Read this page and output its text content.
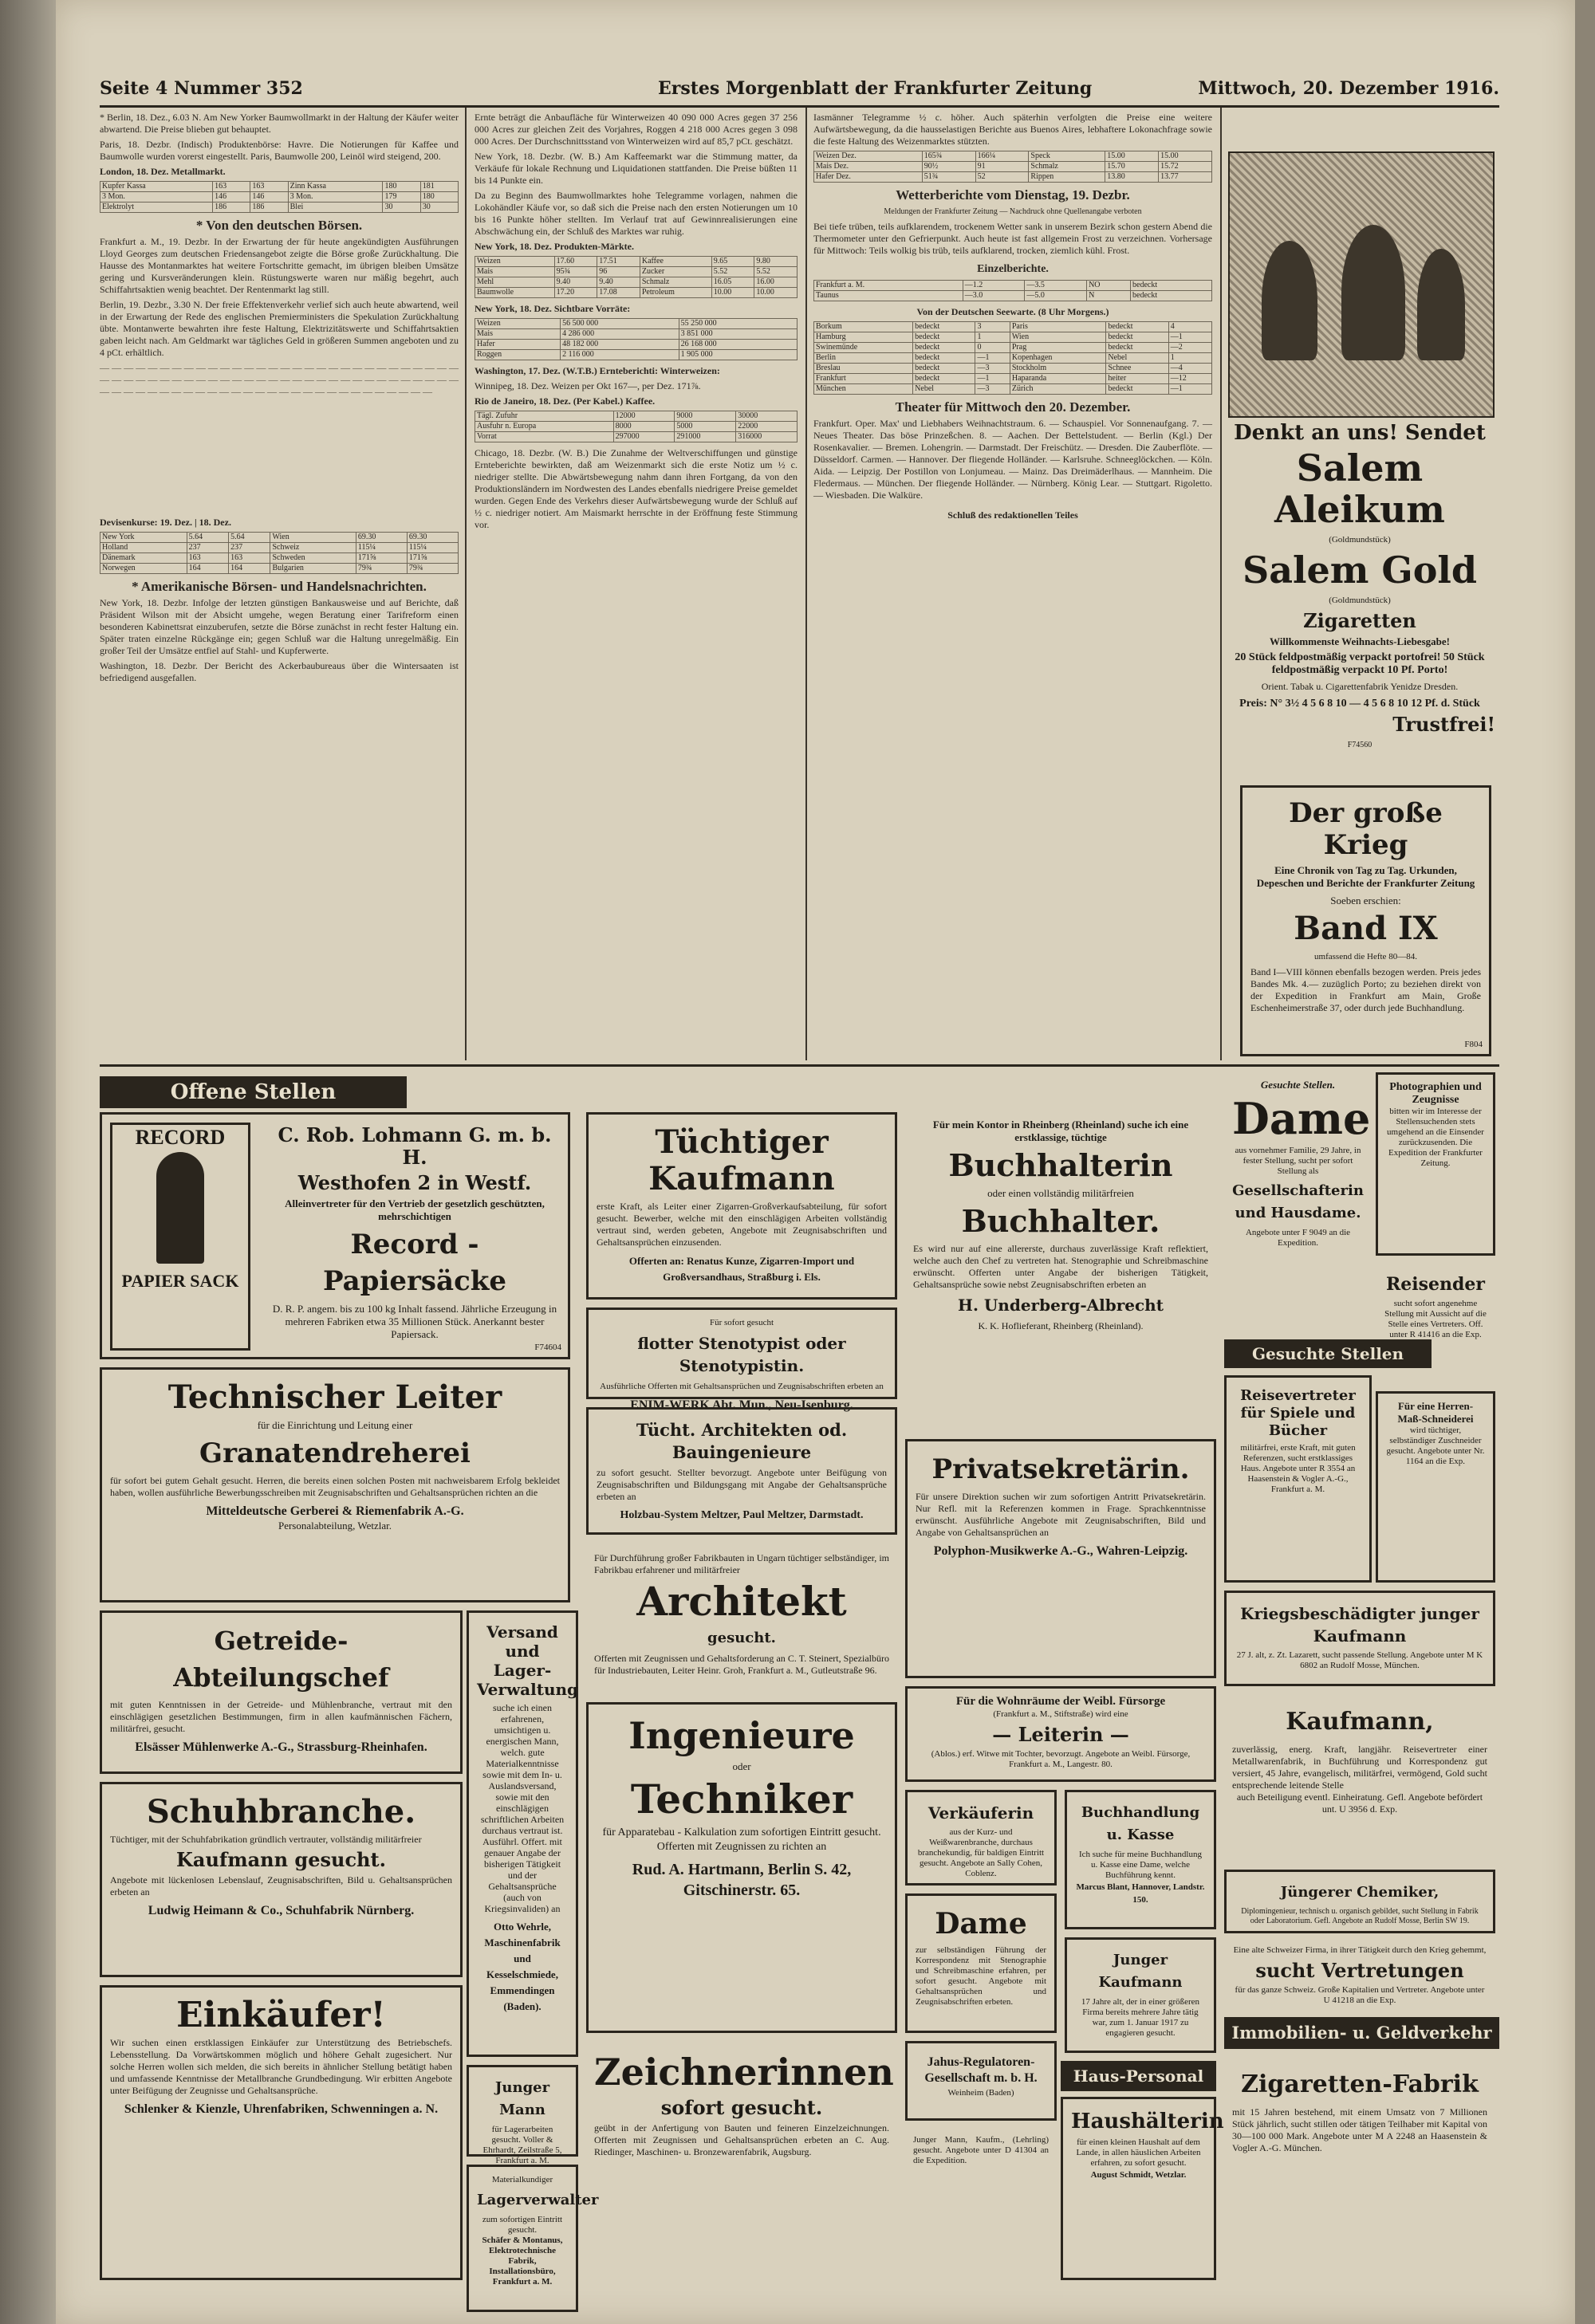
Seite 4 Nummer 352	Erstes Morgenblatt der Frankfurter Zeitung	Mittwoch, 20. Dezember 1916.

* Berlin, 18. Dez., 6.03 N. Am New Yorker Baumwollmarkt in der Haltung der Käufer weiter abwartend. Die Preise blieben gut behauptet.

Paris, 18. Dezbr. (Indisch) Produktenbörse: Havre. Die Notierungen für Kaffee und Baumwolle wurden vorerst eingestellt. Paris, Baumwolle 200, Leinöl wird steigend, 200.

London, 18. Dez. Metallmarkt.

Kupfer Kassa	163	163	Zinn Kassa	180	181
3 Mon.	146	146	3 Mon.	179	180
Elektrolyt	186	186	Blei	30	30
* Von den deutschen Börsen.

Frankfurt a. M., 19. Dezbr. In der Erwartung der für heute angekündigten Ausführungen Lloyd Georges zum deutschen Friedensangebot zeigte die Börse große Zurückhaltung. Die Hausse des Montanmarktes hat weitere Fortschritte gemacht, im übrigen bleiben Umsätze gering und Kursveränderungen klein. Rüstungswerte waren nur mäßig begehrt, auch Schiffahrtsaktien wenig beachtet. Der Rentenmarkt lag still.

Berlin, 19. Dezbr., 3.30 N. Der freie Effektenverkehr verlief sich auch heute abwartend, weil in der Erwartung der Rede des englischen Premierministers die Spekulation Zurückhaltung übte. Montanwerte bewahrten ihre feste Haltung, Elektrizitätswerte und Schiffahrtsaktien gaben leicht nach. Am Geldmarkt war tägliches Geld in größeren Summen angeboten und zu 4 pCt. erhältlich.

— — — — — — — — — — — — — — — — — — — — — — — — — — — — — — — — — — — — — — — — — — — — — — — — — — — — — — — — — — — — — — — — — — — — — — — — — — — — — — — — — — — — — — — —

Devisenkurse: 19. Dez. | 18. Dez.

New York	5.64	5.64	Wien	69.30	69.30
Holland	237	237	Schweiz	115¼	115¼
Dänemark	163	163	Schweden	171⅝	171⅝
Norwegen	164	164	Bulgarien	79¾	79¾
* Amerikanische Börsen- und Handelsnachrichten.

New York, 18. Dezbr. Infolge der letzten günstigen Bankausweise und auf Berichte, daß Präsident Wilson mit der Absicht umgehe, wegen Beratung einer Tarifreform einen besonderen Kabinettsrat einzuberufen, setzte die Börse zunächst in recht fester Haltung ein. Später traten einzelne Rückgänge ein; gegen Schluß war die Haltung unregelmäßig. Ein großer Teil der Umsätze entfiel auf Stahl- und Kupferwerte.

Washington, 18. Dezbr. Der Bericht des Ackerbaubureaus über die Wintersaaten ist befriedigend ausgefallen.

Ernte beträgt die Anbaufläche für Winterweizen 40 090 000 Acres gegen 37 256 000 Acres zur gleichen Zeit des Vorjahres, Roggen 4 218 000 Acres gegen 3 098 000 Acres. Der Durchschnittsstand von Winterweizen wird auf 85,7 pCt. geschätzt.

New York, 18. Dezbr. (W. B.) Am Kaffeemarkt war die Stimmung matter, da Verkäufe für lokale Rechnung und Liquidationen stattfanden. Die Preise büßten 11 bis 14 Punkte ein.

Da zu Beginn des Baumwollmarktes hohe Telegramme vorlagen, nahmen die Lokohändler Käufe vor, so daß sich die Preise nach den ersten Notierungen um 10 bis 16 Punkte höher stellten. Im Verlauf trat auf Gewinnrealisierungen eine Abschwächung ein, der Schluß des Marktes war ruhig.

New York, 18. Dez. Produkten-Märkte.

Weizen	17.60	17.51	Kaffee	9.65	9.80
Mais	95¾	96	Zucker	5.52	5.52
Mehl	9.40	9.40	Schmalz	16.05	16.00
Baumwolle	17.20	17.08	Petroleum	10.00	10.00

New York, 18. Dez. Sichtbare Vorräte:

Weizen	56 500 000	55 250 000
Mais	4 286 000	3 851 000
Hafer	48 182 000	26 168 000
Roggen	2 116 000	1 905 000

Washington, 17. Dez. (W.T.B.) Ernteberichti: Winterweizen:

Winnipeg, 18. Dez. Weizen per Okt 167—, per Dez. 171⅞.

Rio de Janeiro, 18. Dez. (Per Kabel.) Kaffee.

Tägl. Zufuhr	12000	9000	30000
Ausfuhr n. Europa	8000	5000	22000
Vorrat	297000	291000	316000

Chicago, 18. Dezbr. (W. B.) Die Zunahme der Weltverschiffungen und günstige Ernteberichte bewirkten, daß am Weizenmarkt sich die erste Notiz um ½ c. niedriger stellte. Die Abwärtsbewegung nahm dann ihren Fortgang, da von den Produktionsländern im Nordwesten des Landes ebenfalls niedrigere Preise gemeldet wurden. Gegen Ende des Verkehrs dieser Aufwärtsbewegung wurde der Schluß auf ½ c. niedriger notiert. Am Maismarkt herrschte in der Eröffnung feste Stimmung vor.

Iasmänner Telegramme ½ c. höher. Auch späterhin verfolgten die Preise eine weitere Aufwärtsbewegung, da die hausselastigen Berichte aus Buenos Aires, lebhaftere Lokonachfrage sowie die feste Haltung des Weizenmarktes stützten.

Weizen Dez.	165¾	166¼	Speck	15.00	15.00
Mais Dez.	90½	91	Schmalz	15.70	15.72
Hafer Dez.	51¾	52	Rippen	13.80	13.77
Wetterberichte vom Dienstag, 19. Dezbr.

Meldungen der Frankfurter Zeitung — Nachdruck ohne Quellenangabe verboten

Bei tiefe trüben, teils aufklarendem, trockenem Wetter sank in unserem Bezirk schon gestern Abend die Thermometer unter den Gefrierpunkt. Auch heute ist fast allgemein Frost zu verzeichnen. Vorhersage für Mittwoch: Teils wolkig bis trüb, teils aufklarend, trocken, ziemlich kühl. Frost.

Einzelberichte.
Frankfurt a. M.	—1.2	—3.5	NO	bedeckt
Taunus	—3.0	—5.0	N	bedeckt

Von der Deutschen Seewarte. (8 Uhr Morgens.)

Borkum	bedeckt	3	Paris	bedeckt	4
Hamburg	bedeckt	1	Wien	bedeckt	—1
Swinemünde	bedeckt	0	Prag	bedeckt	—2
Berlin	bedeckt	—1	Kopenhagen	Nebel	1
Breslau	bedeckt	—3	Stockholm	Schnee	—4
Frankfurt	bedeckt	—1	Haparanda	heiter	—12
München	Nebel	—3	Zürich	bedeckt	—1
Theater für Mittwoch den 20. Dezember.

Frankfurt. Oper. Max' und Liebhabers Weihnachtstraum. 6. — Schauspiel. Vor Sonnenaufgang. 7. — Neues Theater. Das böse Prinzeßchen. 8. — Aachen. Der Bettelstudent. — Berlin (Kgl.) Der Rosenkavalier. — Bremen. Lohengrin. — Darmstadt. Der Freischütz. — Dresden. Die Zauberflöte. — Düsseldorf. Carmen. — Hannover. Der fliegende Holländer. — Karlsruhe. Schneeglöckchen. — Köln. Aida. — Leipzig. Der Postillon von Lonjumeau. — Mainz. Das Dreimäderlhaus. — Mannheim. Die Fledermaus. — München. Der fliegende Holländer. — Nürnberg. König Lear. — Stuttgart. Rigoletto. — Wiesbaden. Die Walküre.

Schluß des redaktionellen Teiles

Denkt an uns! Sendet
Salem Aleikum
(Goldmundstück)
Salem Gold
(Goldmundstück)
Zigaretten
Willkommenste Weihnachts-Liebesgabe!
20 Stück feldpostmäßig verpackt portofrei! 50 Stück feldpostmäßig verpackt 10 Pf. Porto!
Orient. Tabak u. Cigarettenfabrik Yenidze Dresden.
Preis: N° 3½ 4 5 6 8 10 — 4 5 6 8 10 12 Pf. d. Stück
Trustfrei!
F74560
Der große Krieg
Eine Chronik von Tag zu Tag. Urkunden, Depeschen und Berichte der Frankfurter Zeitung
Soeben erschien:
Band IX
umfassend die Hefte 80—84.
Band I—VIII können ebenfalls bezogen werden. Preis jedes Bandes Mk. 4.— zuzüglich Porto; zu beziehen direkt von der Expedition in Frankfurt am Main, Große Eschenheimerstraße 37, oder durch jede Buchhandlung.
F804
Offene Stellen
Gesuchte Stellen
Immobilien- u. Geldverkehr
Haus-Personal
RECORD
PAPIER SACK
C. Rob. Lohmann G. m. b. H.
Westhofen 2 in Westf.
Alleinvertreter für den Vertrieb der gesetzlich geschützten, mehrschichtigen
Record - Papiersäcke
D. R. P. angem. bis zu 100 kg Inhalt fassend. Jährliche Erzeugung in mehreren Fabriken etwa 35 Millionen Stück. Anerkannt bester Papiersack.
F74604
Technischer Leiter
für die Einrichtung und Leitung einer
Granatendreherei
für sofort bei gutem Gehalt gesucht. Herren, die bereits einen solchen Posten mit nachweisbarem Erfolg bekleidet haben, wollen ausführliche Bewerbungsschreiben mit Zeugnisabschriften und Gehaltsansprüchen richten an die
Mitteldeutsche Gerberei & Riemenfabrik A.-G.
Personalabteilung, Wetzlar.
Getreide-Abteilungschef
mit guten Kenntnissen in der Getreide- und Mühlenbranche, vertraut mit den einschlägigen gesetzlichen Bestimmungen, firm in allen kaufmännischen Fächern, militärfrei, gesucht.
Elsässer Mühlenwerke A.-G., Strassburg-Rheinhafen.
Schuhbranche.
Tüchtiger, mit der Schuhfabrikation gründlich vertrauter, vollständig militärfreier
Kaufmann gesucht.
Angebote mit lückenlosen Lebenslauf, Zeugnisabschriften, Bild u. Gehaltsansprüchen erbeten an
Ludwig Heimann & Co., Schuhfabrik Nürnberg.
Einkäufer!
Wir suchen einen erstklassigen Einkäufer zur Unterstützung des Betriebschefs. Lebensstellung. Da Vorwärtskommen möglich und höhere Gehalt zugesichert. Nur solche Herren wollen sich melden, die sich bereits in ähnlicher Stellung betätigt haben und umfassende Kenntnisse der Metallbranche Grundbedingung. Wir erbitten Angebote unter Beifügung der Zeugnisse und Gehaltsansprüche.
Schlenker & Kienzle, Uhrenfabriken, Schwenningen a. N.
Versand und Lager-Verwaltung
suche ich einen erfahrenen, umsichtigen u. energischen Mann, welch. gute Materialkenntnisse sowie mit dem In- u. Auslandsversand, sowie mit den einschlägigen schriftlichen Arbeiten durchaus vertraut ist. Ausführl. Offert. mit genauer Angabe der bisherigen Tätigkeit und der Gehaltsansprüche (auch von Kriegsinvaliden) an
Otto Wehrle, Maschinenfabrik und Kesselschmiede, Emmendingen (Baden).
Junger Mann
für Lagerarbeiten gesucht. Voller & Ehrhardt, Zeilstraße 5, Frankfurt a. M.
Materialkundiger
Lagerverwalter
zum sofortigen Eintritt gesucht.
Schäfer & Montanus, Elektrotechnische Fabrik, Installationsbüro, Frankfurt a. M.
Tüchtiger Kaufmann
erste Kraft, als Leiter einer Zigarren-Großverkaufsabteilung, für sofort gesucht. Bewerber, welche mit den einschlägigen Arbeiten vollständig vertraut sind, werden gebeten, Angebote mit Zeugnisabschriften und Gehaltsansprüchen einzusenden.
Offerten an: Renatus Kunze, Zigarren-Import und Großversandhaus, Straßburg i. Els.
Für sofort gesucht
flotter Stenotypist oder Stenotypistin.
Ausführliche Offerten mit Gehaltsansprüchen und Zeugnisabschriften erbeten an
ENIM-WERK Abt. Mun., Neu-Isenburg.
Tücht. Architekten od. Bauingenieure
zu sofort gesucht. Stellter bevorzugt. Angebote unter Beifügung von Zeugnisabschriften und Bildungsgang mit Angabe der Gehaltsansprüche erbeten an
Holzbau-System Meltzer, Paul Meltzer, Darmstadt.
Für Durchführung großer Fabrikbauten in Ungarn tüchtiger selbständiger, im Fabrikbau erfahrener und militärfreier
Architekt
gesucht.
Offerten mit Zeugnissen und Gehaltsforderung an C. T. Steinert, Spezialbüro für Industriebauten, Leiter Heinr. Groh, Frankfurt a. M., Gutleutstraße 96.
Ingenieure
oder
Techniker
für Apparatebau - Kalkulation zum sofortigen Eintritt gesucht. Offerten mit Zeugnissen zu richten an
Rud. A. Hartmann, Berlin S. 42, Gitschinerstr. 65.
Zeichnerinnen
sofort gesucht.
geübt in der Anfertigung von Bauten und feineren Einzelzeichnungen. Offerten mit Zeugnissen und Gehaltsansprüchen erbeten an C. Aug. Riedinger, Maschinen- u. Bronzewarenfabrik, Augsburg.
Für mein Kontor in Rheinberg (Rheinland) suche ich eine erstklassige, tüchtige
Buchhalterin
oder einen vollständig militärfreien
Buchhalter.
Es wird nur auf eine allererste, durchaus zuverlässige Kraft reflektiert, welche auch den Chef zu vertreten hat. Stenographie und Schreibmaschine erwünscht. Offerten unter Angabe der bisherigen Tätigkeit, Gehaltsansprüche sowie nebst Zeugnisabschriften erbeten an
H. Underberg-Albrecht
K. K. Hoflieferant, Rheinberg (Rheinland).
Privatsekretärin.
Für unsere Direktion suchen wir zum sofortigen Antritt Privatsekretärin. Nur Refl. mit la Referenzen kommen in Frage. Sprachkenntnisse erwünscht. Ausführliche Angebote mit Zeugnisabschriften, Bild und Angabe von Gehaltsansprüchen an
Polyphon-Musikwerke A.-G., Wahren-Leipzig.
Für die Wohnräume der Weibl. Fürsorge
(Frankfurt a. M., Stiftstraße) wird eine
— Leiterin —
(Ablos.) erf. Witwe mit Tochter, bevorzugt. Angebote an Weibl. Fürsorge, Frankfurt a. M., Langestr. 80.
Verkäuferin
aus der Kurz- und Weißwarenbranche, durchaus branchekundig, für baldigen Eintritt gesucht. Angebote an Sally Cohen, Coblenz.
Buchhandlung u. Kasse
Ich suche für meine Buchhandlung u. Kasse eine Dame, welche Buchführung kennt.
Marcus Blant, Hannover, Landstr. 150.
Dame
zur selbständigen Führung der Korrespondenz mit Stenographie und Schreibmaschine erfahren, per sofort gesucht. Angebote mit Gehaltsansprüchen und Zeugnisabschriften erbeten.
Junger Kaufmann
17 Jahre alt, der in einer größeren Firma bereits mehrere Jahre tätig war, zum 1. Januar 1917 zu engagieren gesucht.
Jahus-Regulatoren-Gesellschaft m. b. H.
Weinheim (Baden)
Junger Mann, Kaufm., (Lehrling) gesucht. Angebote unter D 41304 an die Expedition.
Haushälterin
für einen kleinen Haushalt auf dem Lande, in allen häuslichen Arbeiten erfahren, zu sofort gesucht.
August Schmidt, Wetzlar.
Gesuchte Stellen.
Dame
aus vornehmer Familie, 29 Jahre, in fester Stellung, sucht per sofort Stellung als
Gesellschafterin und Hausdame.
Angebote unter F 9049 an die Expedition.
Photographien und Zeugnisse
bitten wir im Interesse der Stellensuchenden stets umgehend an die Einsender zurückzusenden. Die Expedition der Frankfurter Zeitung.
Reisender
sucht sofort angenehme Stellung mit Aussicht auf die Stelle eines Vertreters. Off. unter R 41416 an die Exp.
Reisevertreter für Spiele und Bücher
militärfrei, erste Kraft, mit guten Referenzen, sucht erstklassiges Haus. Angebote unter R 3554 an Haasenstein & Vogler A.-G., Frankfurt a. M.
Für eine Herren-Maß-Schneiderei
wird tüchtiger, selbständiger Zuschneider gesucht. Angebote unter Nr. 1164 an die Exp.
Kriegsbeschädigter junger Kaufmann
27 J. alt, z. Zt. Lazarett, sucht passende Stellung. Angebote unter M K 6802 an Rudolf Mosse, München.
Kaufmann,
zuverlässig, energ. Kraft, langjähr. Reisevertreter einer Metallwarenfabrik, in Buchführung und Korrespondenz gut versiert, 45 Jahre, evangelisch, militärfrei, vermögend, Gold sucht entsprechende leitende Stelle
auch Beteiligung eventl. Einheiratung. Gefl. Angebote befördert unt. U 3956 d. Exp.
Jüngerer Chemiker,
Diplomingenieur, technisch u. organisch gebildet, sucht Stellung in Fabrik oder Laboratorium. Gefl. Angebote an Rudolf Mosse, Berlin SW 19.
Eine alte Schweizer Firma, in ihrer Tätigkeit durch den Krieg gehemmt,
sucht Vertretungen
für das ganze Schweiz. Große Kapitalien und Vertreter. Angebote unter U 41218 an die Exp.
Zigaretten-Fabrik
mit 15 Jahren bestehend, mit einem Umsatz von 7 Millionen Stück jährlich, sucht stillen oder tätigen Teilhaber mit Kapital von 30—100 000 Mark. Angebote unter M A 2248 an Haasenstein & Vogler A.-G. München.
